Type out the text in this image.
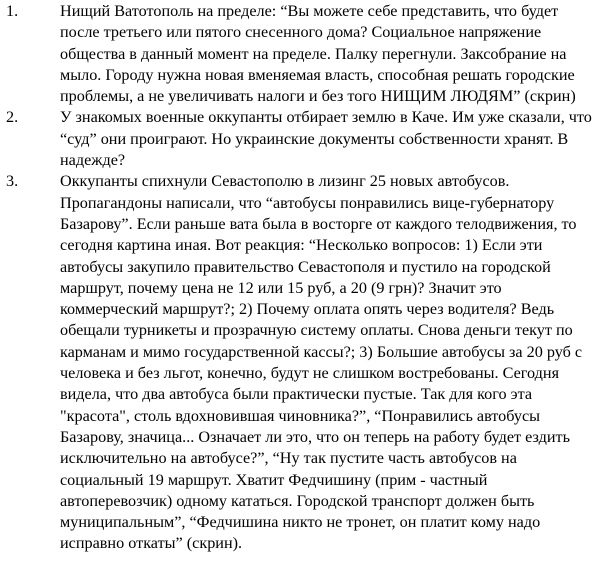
1.	Нищий Ватотополь на пределе: “Вы можете себе представить, что будет
после третьего или пятого снесенного дома? Социальное напряжение
общества в данный момент на пределе. Палку перегнули. Заксобрание на
мыло. Городу нужна новая вменяемая власть, способная решать городские
проблемы, а не увеличивать налоги и без того НИЩИМ ЛЮДЯМ” (скрин)

2.	У знакомых военные оккупанты отбирает землю в Каче. Им уже сказали, что
“суд” они проиграют. Но украинские документы собственности хранят. В
надежде?

3.	Оккупанты спихнули Севастополю в лизинг 25 новых автобусов.
Пропагандоны написали, что “автобусы понравились вице-губернатору
Базарову”. Если раньше вата была в восторге от каждого телодвижения, то
сегодня картина иная. Вот реакция: “Несколько вопросов: 1) Если эти
автобусы закупило правительство Севастополя и пустило на городской
маршрут, почему цена не 12 или 15 руб, а 20 (9 грн)? Значит это
коммерческий маршрут?; 2) Почему оплата опять через водителя? Ведь
обещали турникеты и прозрачную систему оплаты. Снова деньги текут по
карманам и мимо государственной кассы?; 3) Большие автобусы за 20 руб с
человека и без льгот, конечно, будут не слишком востребованы. Сегодня
видела, что два автобуса были практически пустые. Так для кого эта
"красота", столь вдохновившая чиновника?”, “Понравились автобусы
Базарову, значица... Означает ли это, что он теперь на работу будет ездить
исключительно на автобусе?”, “Ну так пустите часть автобусов на
социальный 19 маршрут. Хватит Федчишину (прим - частный
автоперевозчик) одному кататься. Городской транспорт должен быть
муниципальным”, “Федчишина никто не тронет, он платит кому надо
исправно откаты” (скрин).
